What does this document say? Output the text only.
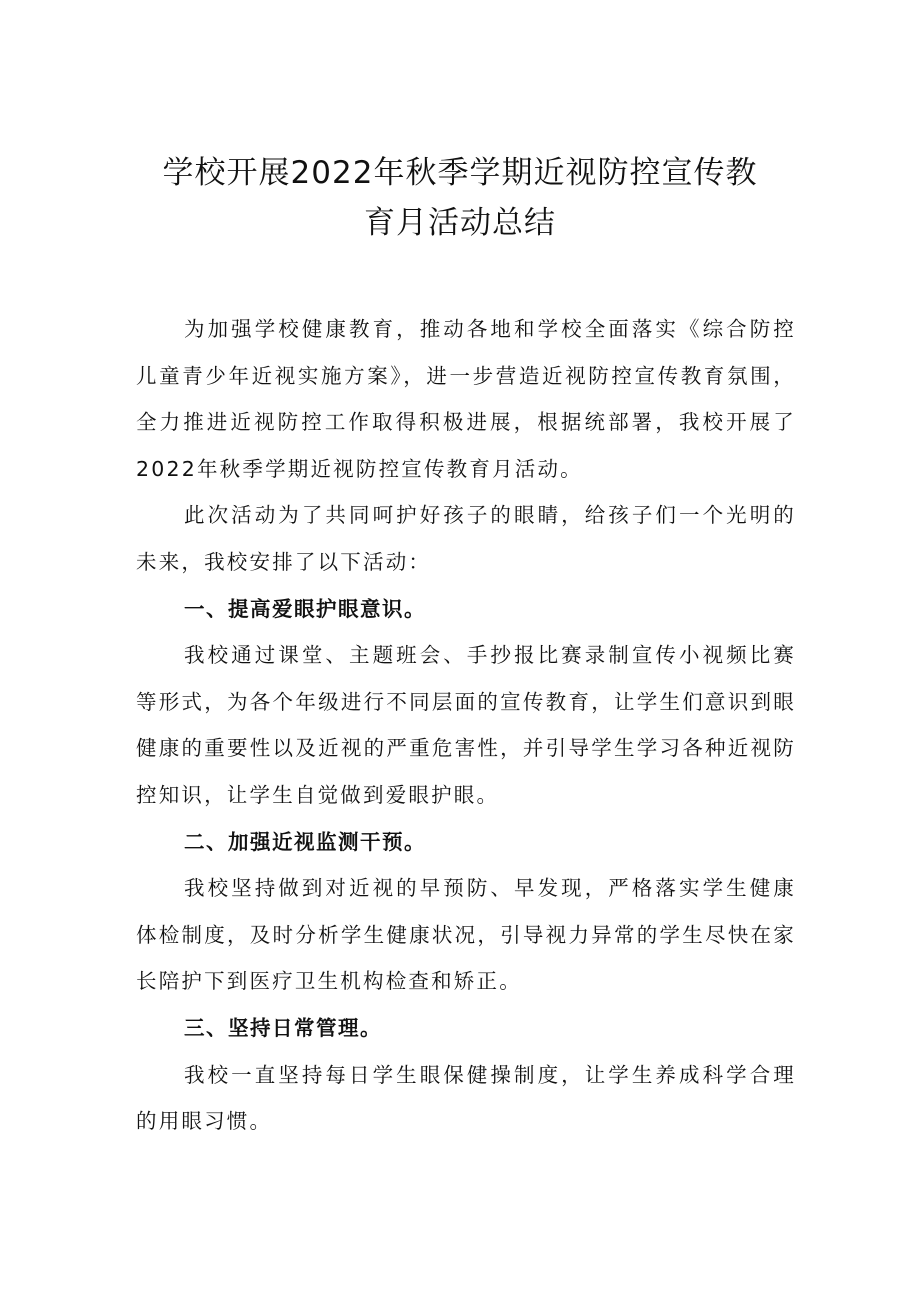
学校开展2022年秋季学期近视防控宣传教
育月活动总结

为加强学校健康教育，推动各地和学校全面落实《综合防控儿童青少年近视实施方案》，进一步营造近视防控宣传教育氛围，全力推进近视防控工作取得积极进展，根据统部署，我校开展了2022年秋季学期近视防控宣传教育月活动。

此次活动为了共同呵护好孩子的眼睛，给孩子们一个光明的未来，我校安排了以下活动：

一、提高爱眼护眼意识。

我校通过课堂、主题班会、手抄报比赛录制宣传小视频比赛等形式，为各个年级进行不同层面的宣传教育，让学生们意识到眼健康的重要性以及近视的严重危害性，并引导学生学习各种近视防控知识，让学生自觉做到爱眼护眼。

二、加强近视监测干预。

我校坚持做到对近视的早预防、早发现，严格落实学生健康体检制度，及时分析学生健康状况，引导视力异常的学生尽快在家长陪护下到医疗卫生机构检查和矫正。

三、坚持日常管理。

我校一直坚持每日学生眼保健操制度，让学生养成科学合理的用眼习惯。
